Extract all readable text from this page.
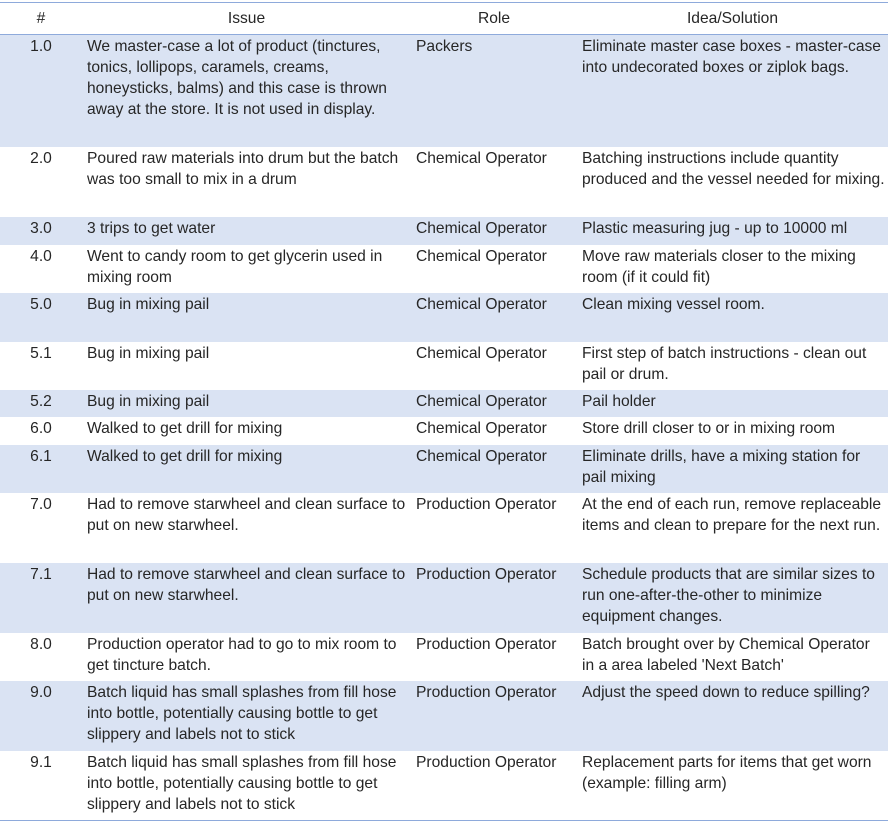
#	Issue	Role	Idea/Solution
1.0	We master-case a lot of product (tinctures, tonics, lollipops, caramels, creams, honeysticks, balms) and this case is thrown away at the store. It is not used in display.	Packers	Eliminate master case boxes - master-case into undecorated boxes or ziplok bags.
2.0	Poured raw materials into drum but the batch was too small to mix in a drum	Chemical Operator	Batching instructions include quantity produced and the vessel needed for mixing.
3.0	3 trips to get water	Chemical Operator	Plastic measuring jug - up to 10000 ml
4.0	Went to candy room to get glycerin used in mixing room	Chemical Operator	Move raw materials closer to the mixing room (if it could fit)
5.0	Bug in mixing pail	Chemical Operator	Clean mixing vessel room.
5.1	Bug in mixing pail	Chemical Operator	First step of batch instructions - clean out pail or drum.
5.2	Bug in mixing pail	Chemical Operator	Pail holder
6.0	Walked to get drill for mixing	Chemical Operator	Store drill closer to or in mixing room
6.1	Walked to get drill for mixing	Chemical Operator	Eliminate drills, have a mixing station for pail mixing
7.0	Had to remove starwheel and clean surface to put on new starwheel.	Production Operator	At the end of each run, remove replaceable items and clean to prepare for the next run.
7.1	Had to remove starwheel and clean surface to put on new starwheel.	Production Operator	Schedule products that are similar sizes to run one-after-the-other to minimize equipment changes.
8.0	Production operator had to go to mix room to get tincture batch.	Production Operator	Batch brought over by Chemical Operator in a area labeled 'Next Batch'
9.0	Batch liquid has small splashes from fill hose into bottle, potentially causing bottle to get slippery and labels not to stick	Production Operator	Adjust the speed down to reduce spilling?
9.1	Batch liquid has small splashes from fill hose into bottle, potentially causing bottle to get slippery and labels not to stick	Production Operator	Replacement parts for items that get worn (example: filling arm)
